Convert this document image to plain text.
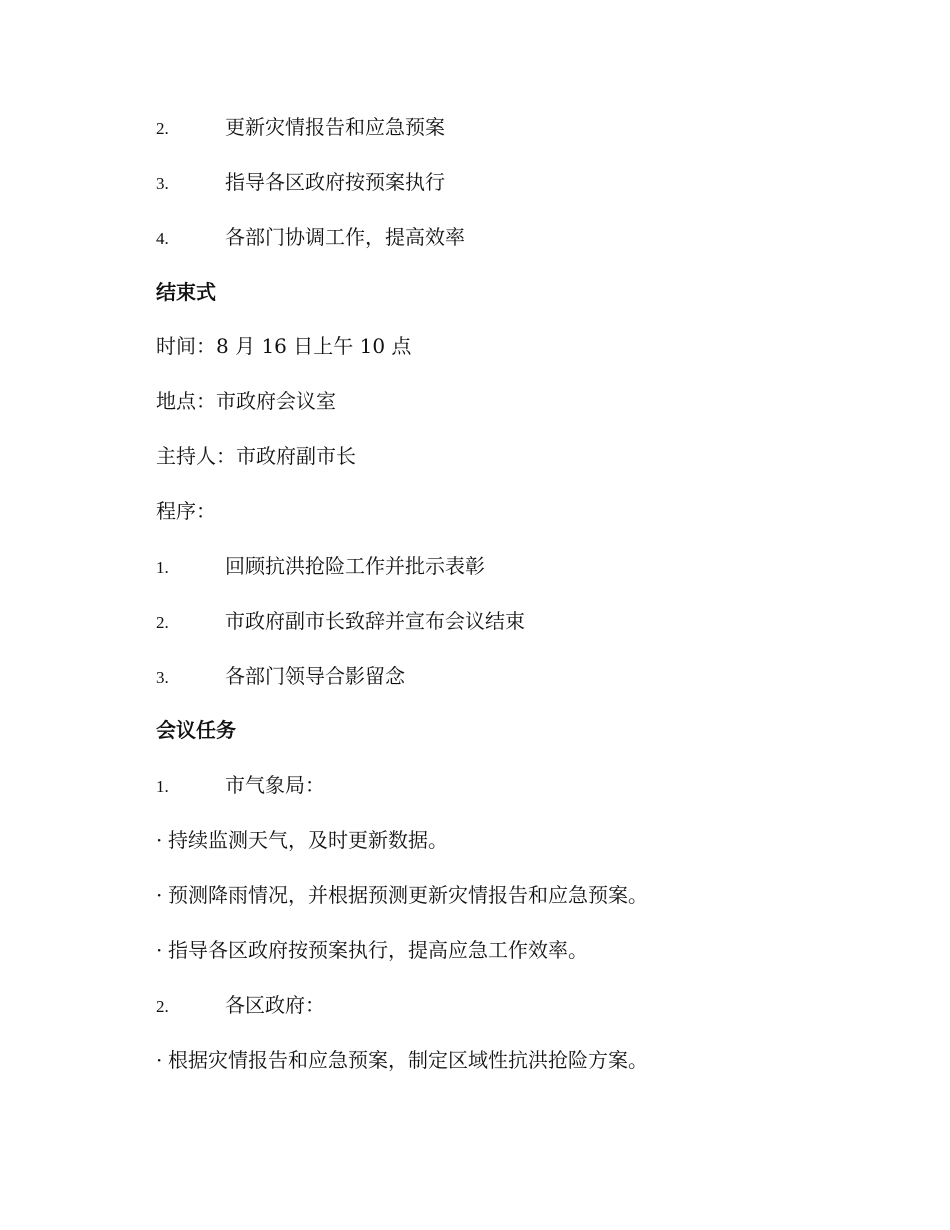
2.	更新灾情报告和应急预案
3.	指导各区政府按预案执行
4.	各部门协调工作，提高效率
结束式
时间：8 月 16 日上午 10 点
地点：市政府会议室
主持人：市政府副市长
程序：
1.	回顾抗洪抢险工作并批示表彰
2.	市政府副市长致辞并宣布会议结束
3.	各部门领导合影留念
会议任务
1.	市气象局：
· 持续监测天气，及时更新数据。
· 预测降雨情况，并根据预测更新灾情报告和应急预案。
· 指导各区政府按预案执行，提高应急工作效率。
2.	各区政府：
· 根据灾情报告和应急预案，制定区域性抗洪抢险方案。
